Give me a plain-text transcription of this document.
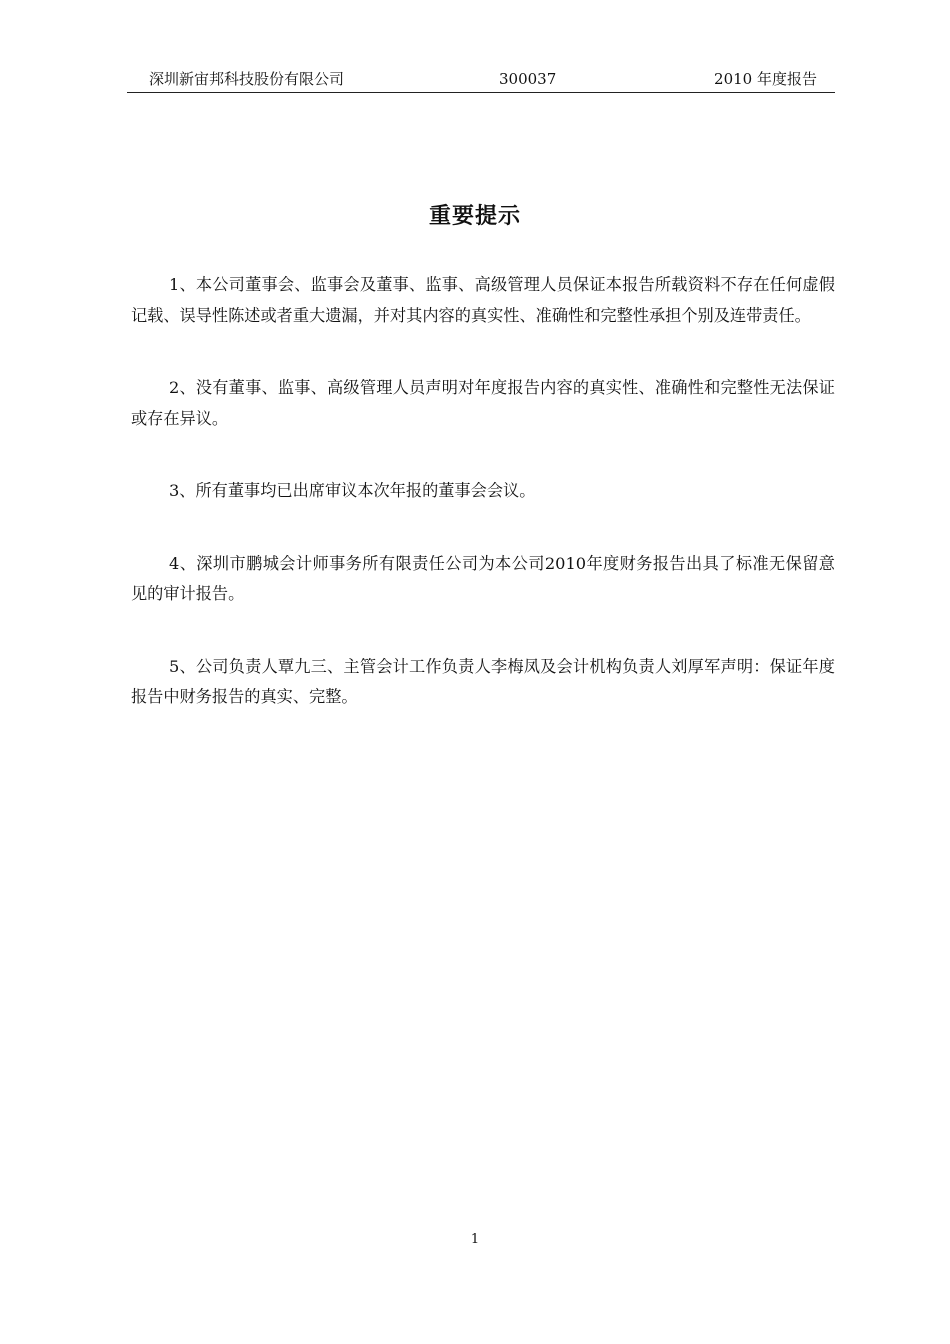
深圳新宙邦科技股份有限公司	300037	2010 年度报告
重要提示

1、本公司董事会、监事会及董事、监事、高级管理人员保证本报告所载资料不存在任何虚假记载、误导性陈述或者重大遗漏，并对其内容的真实性、准确性和完整性承担个别及连带责任。

2、没有董事、监事、高级管理人员声明对年度报告内容的真实性、准确性和完整性无法保证或存在异议。

3、所有董事均已出席审议本次年报的董事会会议。

4、深圳市鹏城会计师事务所有限责任公司为本公司2010年度财务报告出具了标准无保留意见的审计报告。

5、公司负责人覃九三、主管会计工作负责人李梅凤及会计机构负责人刘厚军声明：保证年度报告中财务报告的真实、完整。

1
